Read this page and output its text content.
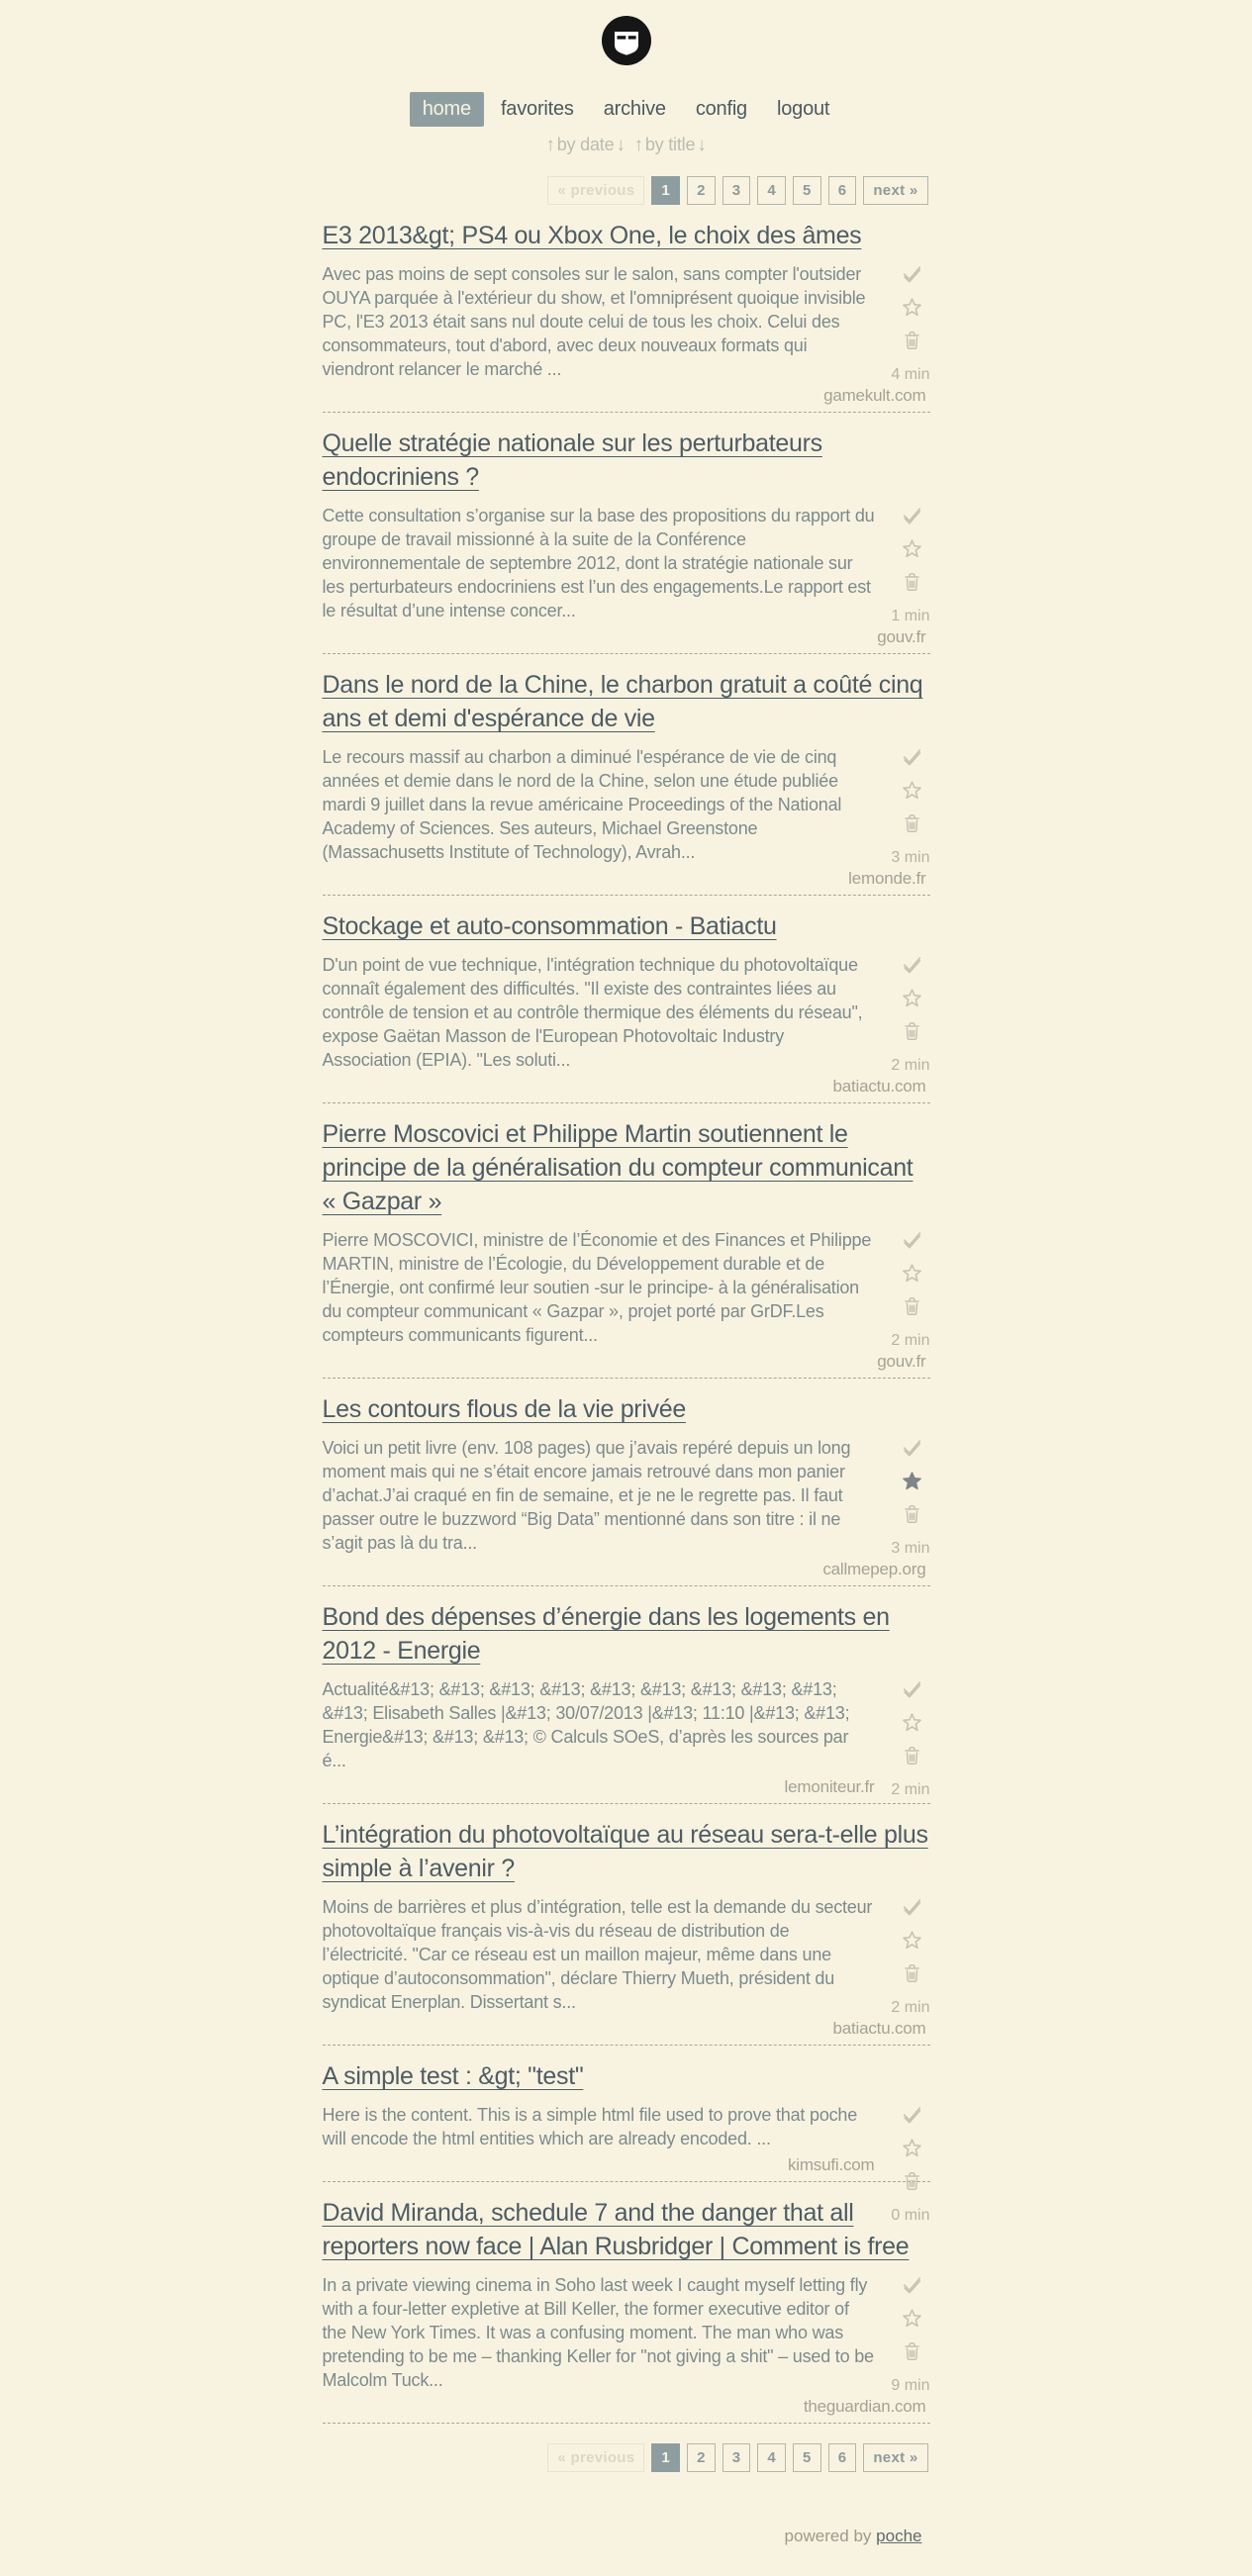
home	favorites	archive	config	logout
↑ by date ↓ ↑ by title ↓
« previous	1	2	3	4	5	6	next »
E3 2013&gt; PS4 ou Xbox One, le choix des âmes
4 min

Avec pas moins de sept consoles sur le salon, sans compter l'outsider OUYA parquée à l'extérieur du show, et l'omniprésent quoique invisible PC, l'E3 2013 était sans nul doute celui de tous les choix. Celui des consommateurs, tout d'abord, avec deux nouveaux formats qui viendront relancer le marché ...

gamekult.com
Quelle stratégie nationale sur les perturbateurs endocriniens ?
1 min

Cette consultation s’organise sur la base des propositions du rapport du groupe de travail missionné à la suite de la Conférence environnementale de septembre 2012, dont la stratégie nationale sur les perturbateurs endocriniens est l’un des engagements.Le rapport est le résultat d’une intense concer...

gouv.fr
Dans le nord de la Chine, le charbon gratuit a coûté cinq ans et demi d'espérance de vie
3 min

Le recours massif au charbon a diminué l'espérance de vie de cinq années et demie dans le nord de la Chine, selon une étude publiée mardi 9 juillet dans la revue américaine Proceedings of the National Academy of Sciences. Ses auteurs, Michael Greenstone (Massachusetts Institute of Technology), Avrah...

lemonde.fr
Stockage et auto-consommation - Batiactu
2 min

D'un point de vue technique, l'intégration technique du photovoltaïque connaît également des difficultés. "Il existe des contraintes liées au contrôle de tension et au contrôle thermique des éléments du réseau", expose Gaëtan Masson de l'European Photovoltaic Industry Association (EPIA). "Les soluti...

batiactu.com
Pierre Moscovici et Philippe Martin soutiennent le principe de la généralisation du compteur communicant « Gazpar »
2 min

Pierre MOSCOVICI, ministre de l’Économie et des Finances et Philippe MARTIN, ministre de l’Écologie, du Développement durable et de l’Énergie, ont confirmé leur soutien -sur le principe- à la généralisation du compteur communicant « Gazpar », projet porté par GrDF.Les compteurs communicants figurent...

gouv.fr
Les contours flous de la vie privée
3 min

Voici un petit livre (env. 108 pages) que j’avais repéré depuis un long moment mais qui ne s’était encore jamais retrouvé dans mon panier d’achat.J’ai craqué en fin de semaine, et je ne le regrette pas. Il faut passer outre le buzzword “Big Data” mentionné dans son titre : il ne s’agit pas là du tra...

callmepep.org
Bond des dépenses d’énergie dans les logements en 2012 - Energie
2 min

Actualité&#13; &#13; &#13; &#13; &#13; &#13; &#13; &#13; &#13; &#13; Elisabeth Salles |&#13; 30/07/2013 |&#13; 11:10 |&#13; &#13; Energie&#13; &#13; &#13; © Calculs SOeS, d’après les sources par é...

lemoniteur.fr
L’intégration du photovoltaïque au réseau sera-t-elle plus simple à l’avenir ?
2 min

Moins de barrières et plus d’intégration, telle est la demande du secteur photovoltaïque français vis-à-vis du réseau de distribution de l’électricité. "Car ce réseau est un maillon majeur, même dans une optique d’autoconsommation", déclare Thierry Mueth, président du syndicat Enerplan. Dissertant s...

batiactu.com
A simple test : &gt; "test"
0 min

Here is the content. This is a simple html file used to prove that poche will encode the html entities which are already encoded. ...

kimsufi.com
David Miranda, schedule 7 and the danger that all reporters now face | Alan Rusbridger | Comment is free
9 min

In a private viewing cinema in Soho last week I caught myself letting fly with a four-letter expletive at Bill Keller, the former executive editor of the New York Times. It was a confusing moment. The man who was pretending to be me – thanking Keller for "not giving a shit" – used to be Malcolm Tuck...

theguardian.com
« previous	1	2	3	4	5	6	next »
powered by poche
